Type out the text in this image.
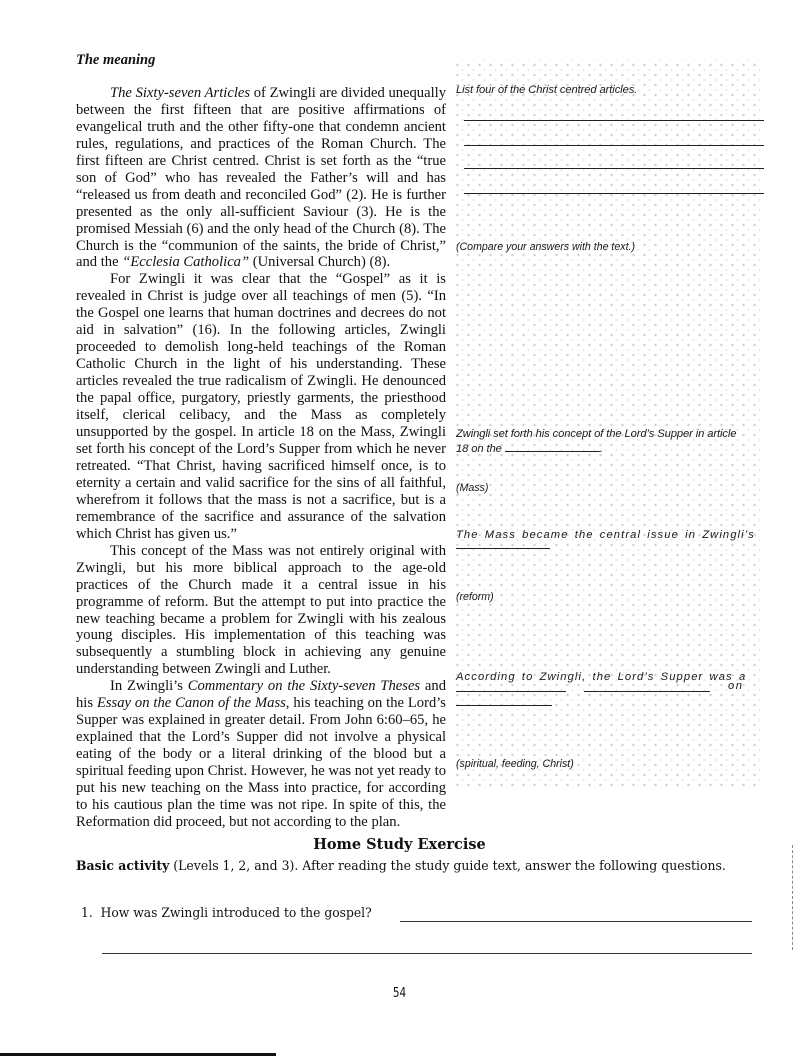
The meaning

The Sixty-seven Articles of Zwingli are divided unequally between the first fifteen that are positive affirmations of evangelical truth and the other fifty-one that condemn ancient rules, regulations, and practices of the Roman Church. The first fifteen are Christ centred. Christ is set forth as the “true son of God” who has revealed the Father’s will and has “released us from death and reconciled God” (2). He is further presented as the only all-sufficient Saviour (3). He is the promised Messiah (6) and the only head of the Church (8). The Church is the “communion of the saints, the bride of Christ,” and the “Ecclesia Catholica” (Universal Church) (8).

For Zwingli it was clear that the “Gospel” as it is revealed in Christ is judge over all teachings of men (5). “In the Gospel one learns that human doctrines and decrees do not aid in salvation” (16). In the following articles, Zwingli proceeded to demolish long-held teachings of the Roman Catholic Church in the light of his understanding. These articles revealed the true radicalism of Zwingli. He denounced the papal office, purgatory, priestly garments, the priesthood itself, clerical celibacy, and the Mass as completely unsupported by the gospel. In article 18 on the Mass, Zwingli set forth his concept of the Lord’s Supper from which he never retreated. “That Christ, having sacrificed himself once, is to eternity a certain and valid sacrifice for the sins of all faithful, wherefrom it follows that the mass is not a sacrifice, but is a remembrance of the sacrifice and assurance of the salvation which Christ has given us.”

This concept of the Mass was not entirely original with Zwingli, but his more biblical approach to the age-old practices of the Church made it a central issue in his programme of reform. But the attempt to put into practice the new teaching became a problem for Zwingli with his zealous young disciples. His implementation of this teaching was subsequently a stumbling block in achieving any genuine understanding between Zwingli and Luther.

In Zwingli’s Commentary on the Sixty-seven Theses and his Essay on the Canon of the Mass, his teaching on the Lord’s Supper was explained in greater detail. From John 6:60–65, he explained that the Lord’s Supper did not involve a physical eating of the body or a literal drinking of the blood but a spiritual feeding upon Christ. However, he was not yet ready to put his new teaching on the Mass into practice, for according to his cautious plan the time was not ripe. In spite of this, the Reformation did proceed, but not according to the plan.

List four of the Christ centred articles.

(Compare your answers with the text.)

Zwingli set forth his concept of the Lord’s Supper in article

18 on the	.

(Mass)

The Mass became the central issue in Zwingli’s

(reform)

According to Zwingli, the Lord’s Supper was a

on

(spiritual, feeding, Christ)

Home Study Exercise
Basic activity (Levels 1, 2, and 3). After reading the study guide text, answer the following questions.
1. How was Zwingli introduced to the gospel?
54
